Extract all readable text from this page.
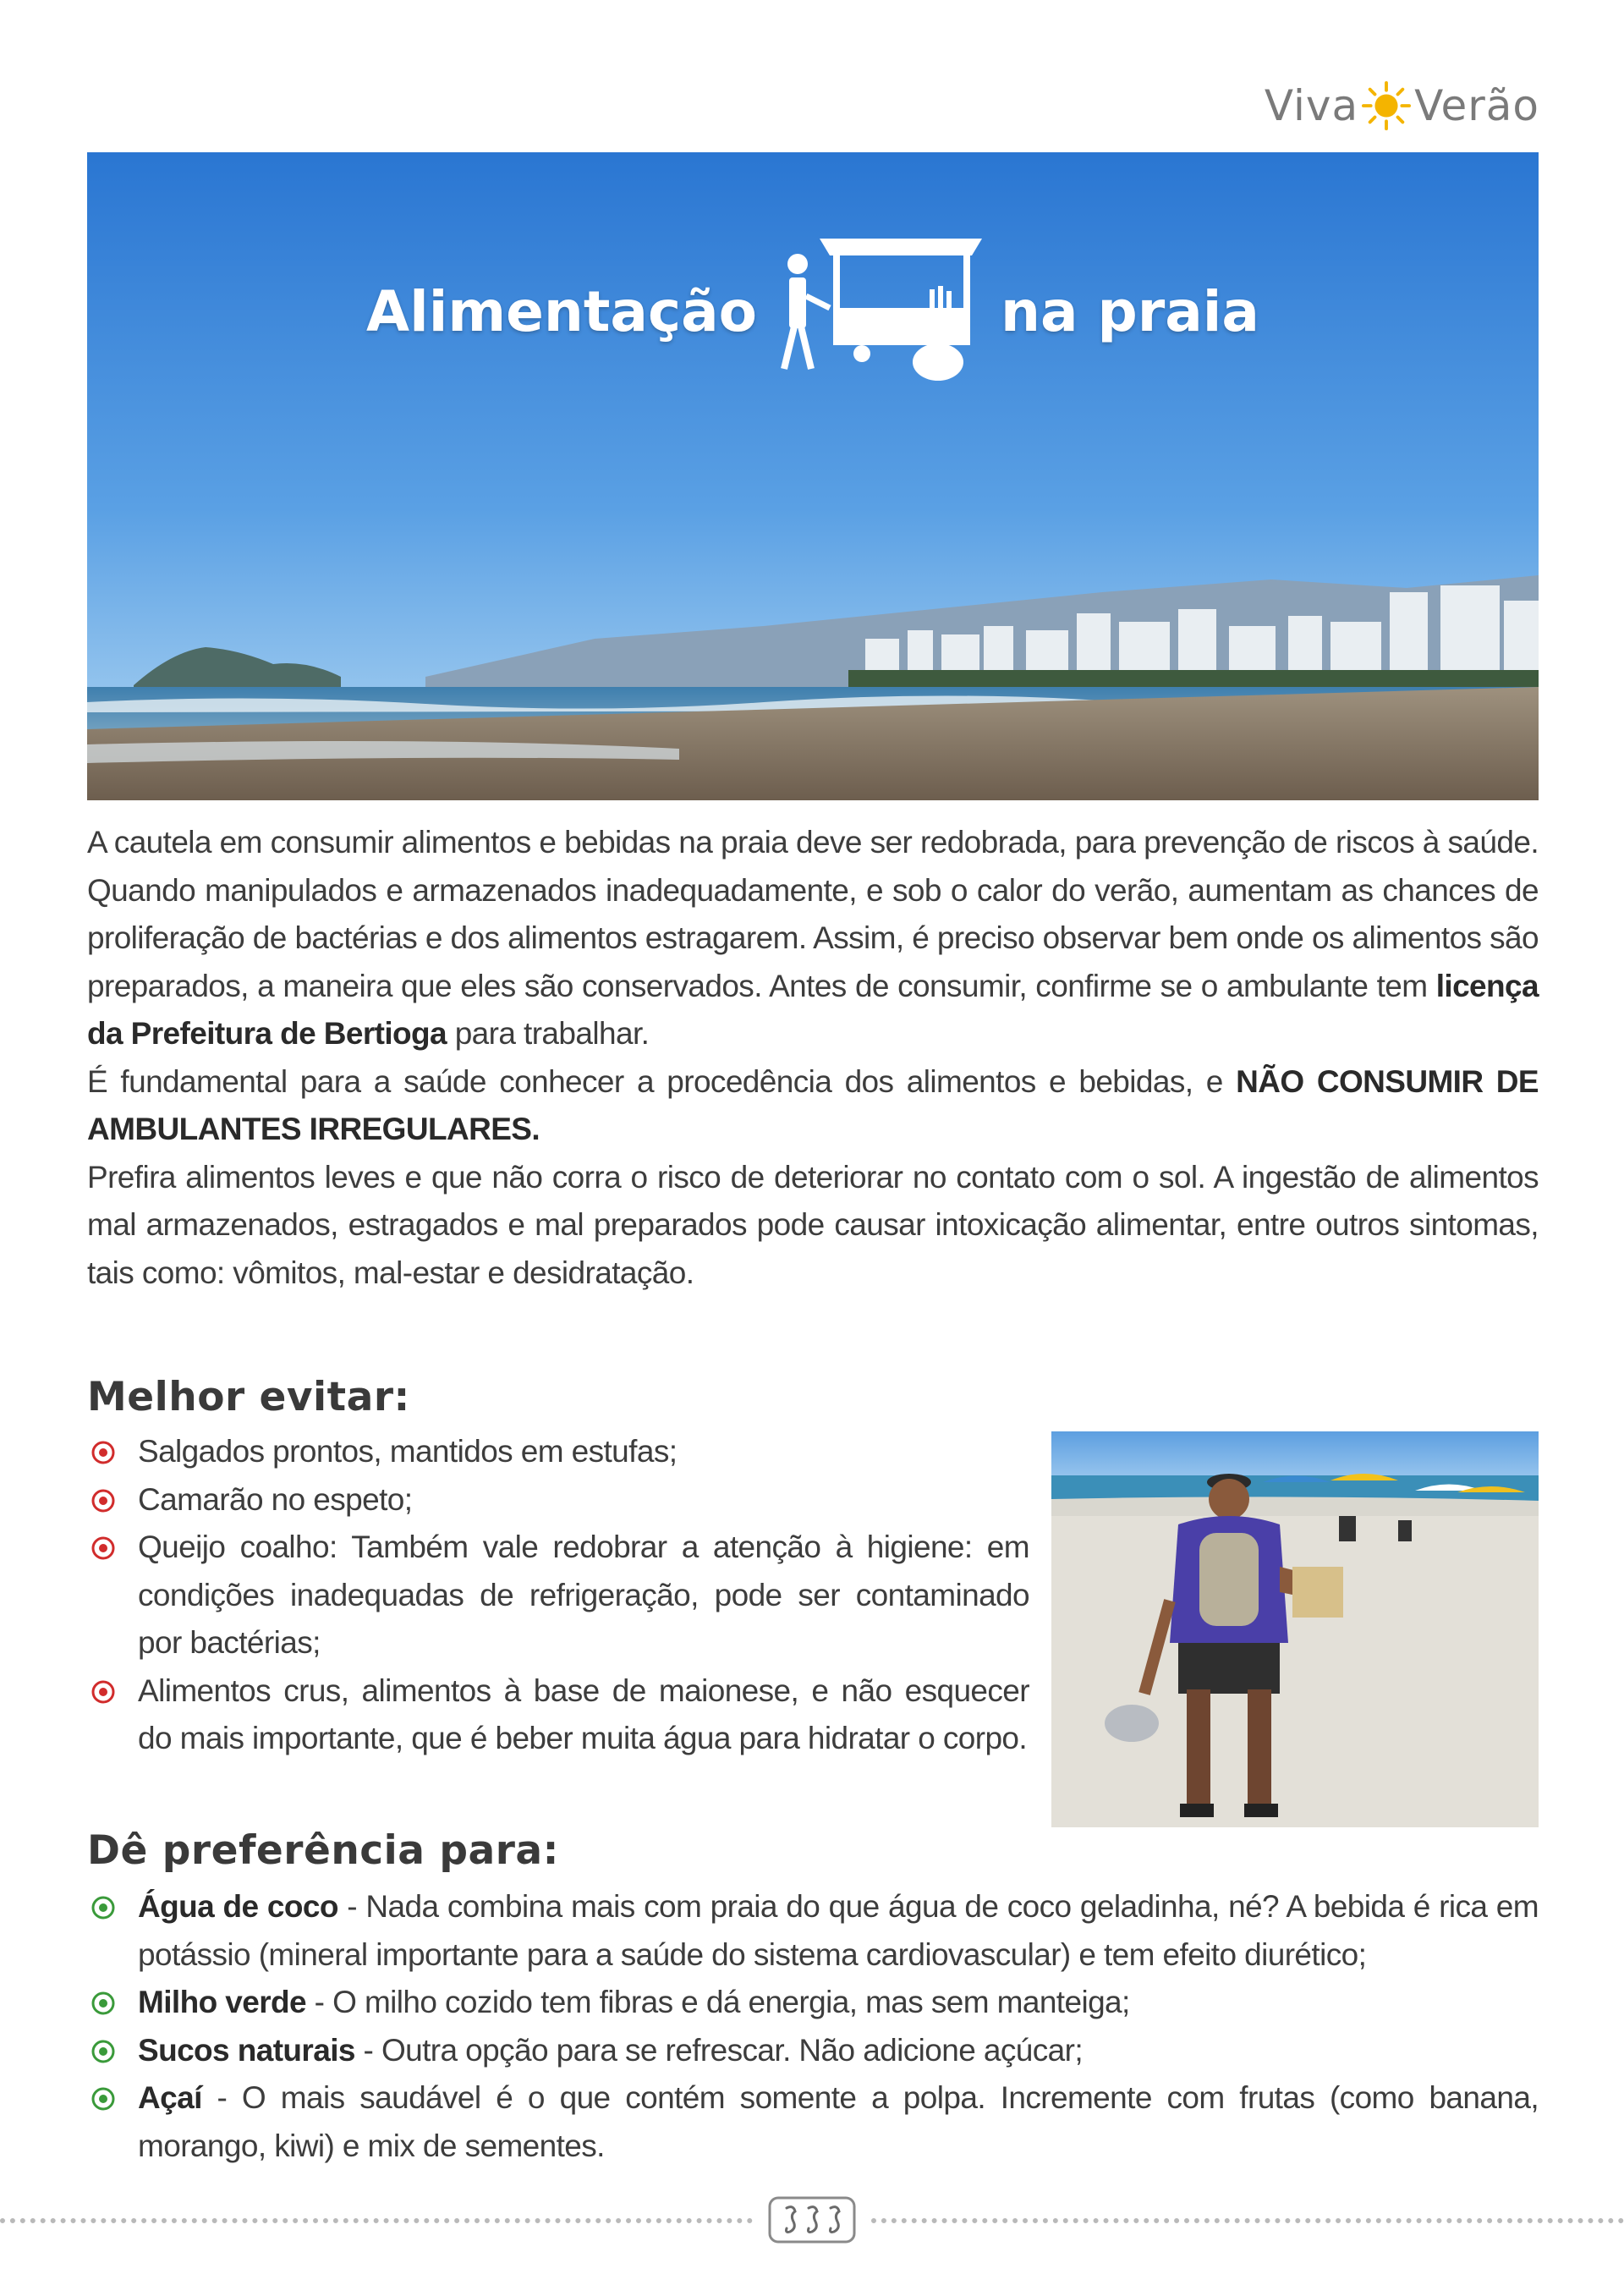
Viva Verão
Alimentação	na praia

A cautela em consumir alimentos e bebidas na praia deve ser redobrada, para prevenção de riscos à saúde. Quando manipulados e armazenados inadequadamente, e sob o calor do verão, aumentam as chances de proliferação de bactérias e dos alimentos estragarem. Assim, é preciso observar bem onde os alimentos são preparados, a maneira que eles são conservados. Antes de consumir, confirme se o ambulante tem licença da Prefeitura de Bertioga para trabalhar.

É fundamental para a saúde conhecer a procedência dos alimentos e bebidas, e NÃO CONSUMIR DE AMBULANTES IRREGULARES.

Prefira alimentos leves e que não corra o risco de deteriorar no contato com o sol. A ingestão de alimentos mal armazenados, estragados e mal preparados pode causar intoxicação alimentar, entre outros sintomas, tais como: vômitos, mal-estar e desidratação.

Melhor evitar:
Salgados prontos, mantidos em estufas;
Camarão no espeto;
Queijo coalho: Também vale redobrar a atenção à higiene: em condições inadequadas de refrigeração, pode ser contaminado por bactérias;
Alimentos crus, alimentos à base de maionese, e não esquecer do mais importante, que é beber muita água para hidratar o corpo.
Dê preferência para:
Água de coco - Nada combina mais com praia do que água de coco geladinha, né? A bebida é rica em potássio (mineral importante para a saúde do sistema cardiovascular) e tem efeito diurético;
Milho verde - O milho cozido tem fibras e dá energia, mas sem manteiga;
Sucos naturais - Outra opção para se refrescar. Não adicione açúcar;
Açaí - O mais saudável é o que contém somente a polpa. Incremente com frutas (como banana, morango, kiwi) e mix de sementes.
